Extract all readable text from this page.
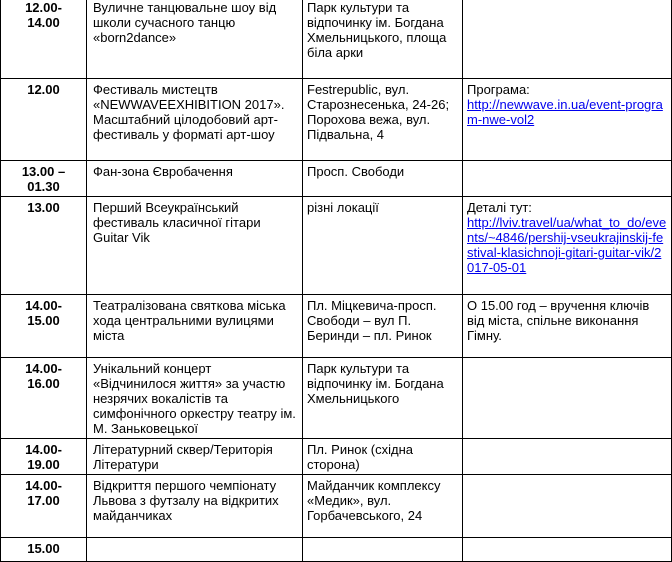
12.00-
14.00	Вуличне танцювальне шоу від школи сучасного танцю «born2dance»	Парк культури та відпочинку ім. Богдана Хмельницького, площа біла арки	
12.00	Фестиваль мистецтв «NEWWAVEEXHIBITION 2017». Масштабний цілодобовий арт-фестиваль у форматі арт-шоу	Festrepublic, вул. Старознесенька, 24-26; Порохова вежа, вул. Підвальна, 4	Програма:
http://newwave.in.ua/event-program-nwe-vol2
13.00 –
01.30	Фан-зона Євробачення	Просп. Свободи	
13.00	Перший Всеукраїнський фестиваль класичної гітари Guitar Vik	різні локації	Деталі тут:
http://lviv.travel/ua/what_to_do/events/~4846/pershij-vseukrajinskij-festival-klasichnoji-gitari-guitar-vik/2017-05-01
14.00-
15.00	Театралізована святкова міська хода центральними вулицями міста	Пл. Міцкевича-просп. Свободи – вул П. Беринди – пл. Ринок	О 15.00 год – вручення ключів від міста, спільне виконання Гімну.
14.00-
16.00	Унікальний концерт «Відчинилося життя» за участю незрячих вокалістів та симфонічного оркестру театру ім. М. Заньковецької	Парк культури та відпочинку ім. Богдана Хмельницького	
14.00-
19.00	Літературний сквер/Територія Літератури	Пл. Ринок (східна сторона)	
14.00-
17.00	Відкриття першого чемпіонату Львова з футзалу на відкритих майданчиках	Майданчик комплексу «Медик», вул. Горбачевського, 24	
15.00			
